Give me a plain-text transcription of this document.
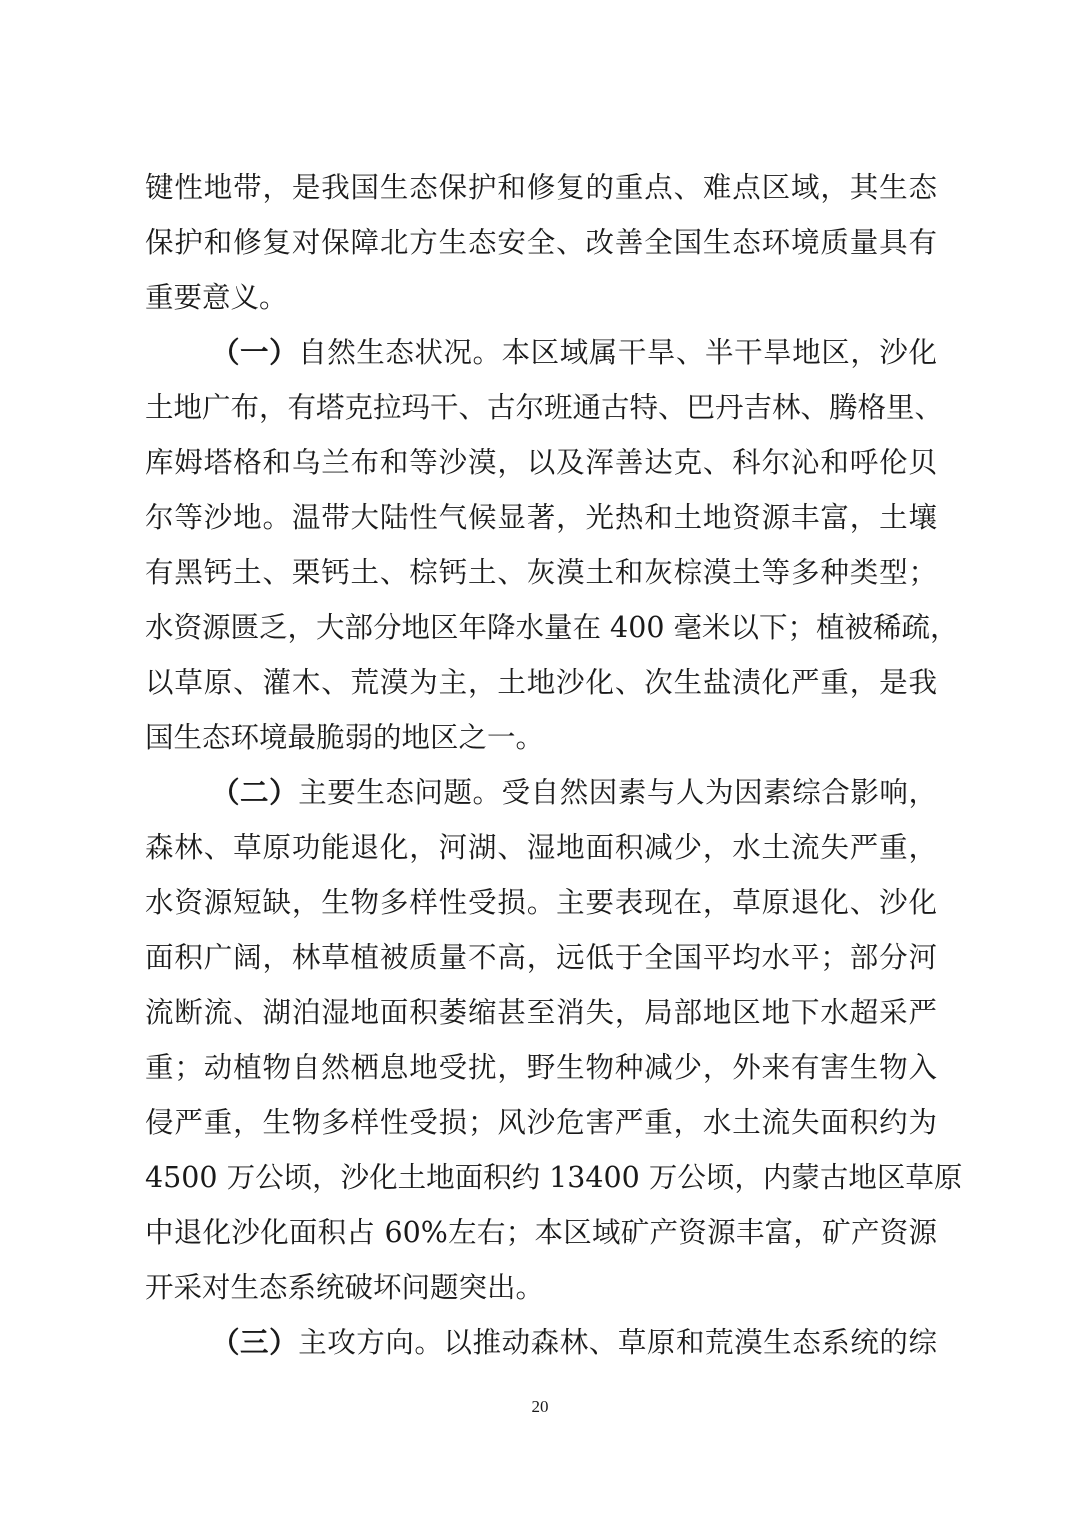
键性地带，是我国生态保护和修复的重点、难点区域，其生态
保护和修复对保障北方生态安全、改善全国生态环境质量具有
重要意义。
（一）自然生态状况。本区域属干旱、半干旱地区，沙化
土地广布，有塔克拉玛干、古尔班通古特、巴丹吉林、腾格里、
库姆塔格和乌兰布和等沙漠，以及浑善达克、科尔沁和呼伦贝
尔等沙地。温带大陆性气候显著，光热和土地资源丰富，土壤
有黑钙土、栗钙土、棕钙土、灰漠土和灰棕漠土等多种类型；
水资源匮乏，大部分地区年降水量在 400 毫米以下；植被稀疏，
以草原、灌木、荒漠为主，土地沙化、次生盐渍化严重，是我
国生态环境最脆弱的地区之一。
（二）主要生态问题。受自然因素与人为因素综合影响，
森林、草原功能退化，河湖、湿地面积减少，水土流失严重，
水资源短缺，生物多样性受损。主要表现在，草原退化、沙化
面积广阔，林草植被质量不高，远低于全国平均水平；部分河
流断流、湖泊湿地面积萎缩甚至消失，局部地区地下水超采严
重；动植物自然栖息地受扰，野生物种减少，外来有害生物入
侵严重，生物多样性受损；风沙危害严重，水土流失面积约为
4500 万公顷，沙化土地面积约 13400 万公顷，内蒙古地区草原
中退化沙化面积占 60%左右；本区域矿产资源丰富，矿产资源
开采对生态系统破坏问题突出。
（三）主攻方向。以推动森林、草原和荒漠生态系统的综
20
